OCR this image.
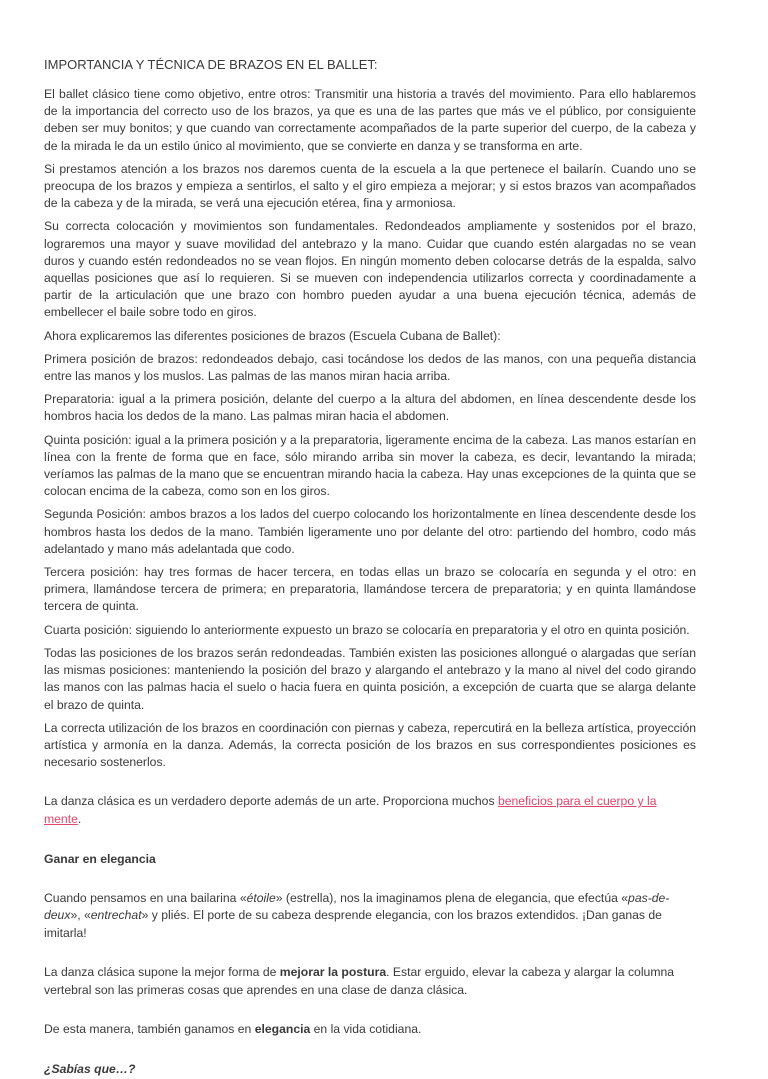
IMPORTANCIA Y TÉCNICA DE BRAZOS EN EL BALLET:

El ballet clásico tiene como objetivo, entre otros: Transmitir una historia a través del movimiento. Para ello hablaremos de la importancia del correcto uso de los brazos, ya que es una de las partes que más ve el público, por consiguiente deben ser muy bonitos; y que cuando van correctamente acompañados de la parte superior del cuerpo, de la cabeza y de la mirada le da un estilo único al movimiento, que se convierte en danza y se transforma en arte.

Si prestamos atención a los brazos nos daremos cuenta de la escuela a la que pertenece el bailarín. Cuando uno se preocupa de los brazos y empieza a sentirlos, el salto y el giro empieza a mejorar; y si estos brazos van acompañados de la cabeza y de la mirada, se verá una ejecución etérea, fina y armoniosa.

Su correcta colocación y movimientos son fundamentales. Redondeados ampliamente y sostenidos por el brazo, lograremos una mayor y suave movilidad del antebrazo y la mano. Cuidar que cuando estén alargadas no se vean duros y cuando estén redondeados no se vean flojos. En ningún momento deben colocarse detrás de la espalda, salvo aquellas posiciones que así lo requieren. Si se mueven con independencia utilizarlos correcta y coordinadamente a partir de la articulación que une brazo con hombro pueden ayudar a una buena ejecución técnica, además de embellecer el baile sobre todo en giros.

Ahora explicaremos las diferentes posiciones de brazos (Escuela Cubana de Ballet):

Primera posición de brazos: redondeados debajo, casi tocándose los dedos de las manos, con una pequeña distancia entre las manos y los muslos. Las palmas de las manos miran hacia arriba.

Preparatoria: igual a la primera posición, delante del cuerpo a la altura del abdomen, en línea descendente desde los hombros hacia los dedos de la mano. Las palmas miran hacia el abdomen.

Quinta posición: igual a la primera posición y a la preparatoria, ligeramente encima de la cabeza. Las manos estarían en línea con la frente de forma que en face, sólo mirando arriba sin mover la cabeza, es decir, levantando la mirada; veríamos las palmas de la mano que se encuentran mirando hacia la cabeza. Hay unas excepciones de la quinta que se colocan encima de la cabeza, como son en los giros.

Segunda Posición: ambos brazos a los lados del cuerpo colocando los horizontalmente en línea descendente desde los hombros hasta los dedos de la mano. También ligeramente uno por delante del otro: partiendo del hombro, codo más adelantado y mano más adelantada que codo.

Tercera posición: hay tres formas de hacer tercera, en todas ellas un brazo se colocaría en segunda y el otro: en primera, llamándose tercera de primera; en preparatoria, llamándose tercera de preparatoria; y en quinta llamándose tercera de quinta.

Cuarta posición: siguiendo lo anteriormente expuesto un brazo se colocaría en preparatoria y el otro en quinta posición.

Todas las posiciones de los brazos serán redondeadas. También existen las posiciones allongué o alargadas que serían las mismas posiciones: manteniendo la posición del brazo y alargando el antebrazo y la mano al nivel del codo girando las manos con las palmas hacia el suelo o hacia fuera en quinta posición, a excepción de cuarta que se alarga delante el brazo de quinta.

La correcta utilización de los brazos en coordinación con piernas y cabeza, repercutirá en la belleza artística, proyección artística y armonía en la danza. Además, la correcta posición de los brazos en sus correspondientes posiciones es necesario sostenerlos.

La danza clásica es un verdadero deporte además de un arte. Proporciona muchos beneficios para el cuerpo y la mente.

Ganar en elegancia

Cuando pensamos en una bailarina «étoile» (estrella), nos la imaginamos plena de elegancia, que efectúa «pas-de-deux», «entrechat» y pliés. El porte de su cabeza desprende elegancia, con los brazos extendidos. ¡Dan ganas de imitarla!

La danza clásica supone la mejor forma de mejorar la postura. Estar erguido, elevar la cabeza y alargar la columna vertebral son las primeras cosas que aprendes en una clase de danza clásica.

De esta manera, también ganamos en elegancia en la vida cotidiana.

¿Sabías que…?
